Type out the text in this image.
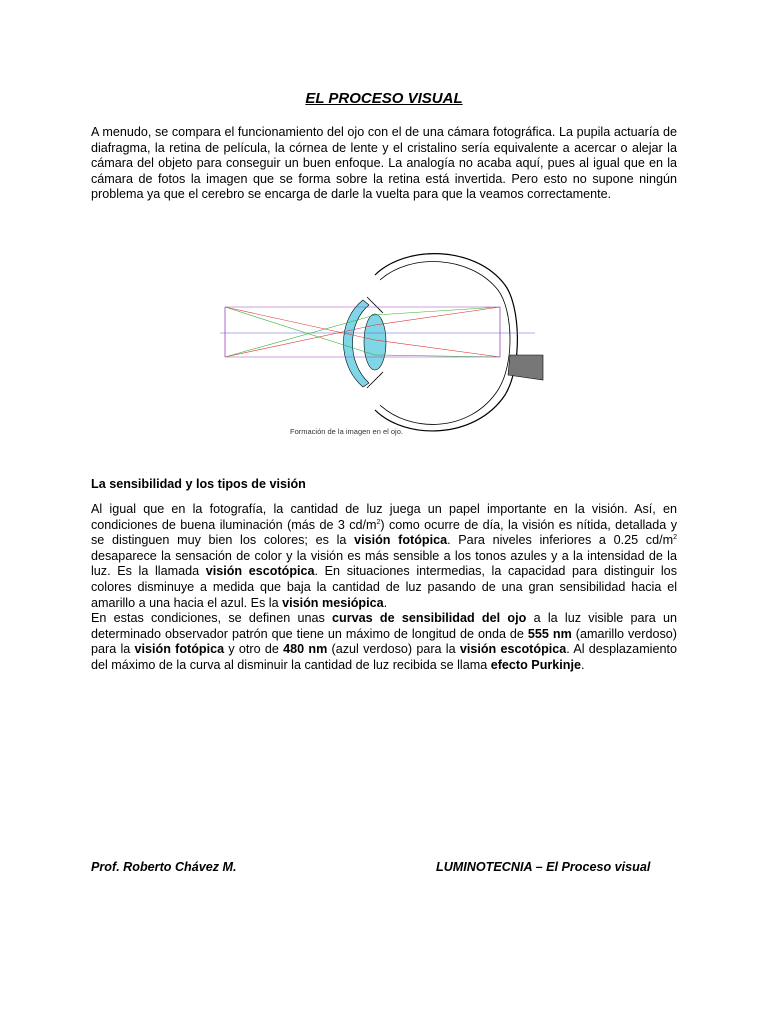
EL PROCESO VISUAL
A menudo, se compara el funcionamiento del ojo con el de una cámara fotográfica. La pupila actuaría de diafragma, la retina de película, la córnea de lente y el cristalino sería equivalente a acercar o alejar la cámara del objeto para conseguir un buen enfoque. La analogía no acaba aquí, pues al igual que en la cámara de fotos la imagen que se forma sobre la retina está invertida. Pero esto no supone ningún problema ya que el cerebro se encarga de darle la vuelta para que la veamos correctamente.
Formación de la imagen en el ojo.
La sensibilidad y los tipos de visión
Al igual que en la fotografía, la cantidad de luz juega un papel importante en la visión. Así, en condiciones de buena iluminación (más de 3 $cd/m^2$) como ocurre de día, la visión es nítida, detallada y se distinguen muy bien los colores; es la visión fotópica. Para niveles inferiores a 0.25 $cd/m^2$ desaparece la sensación de color y la visión es más sensible a los tonos azules y a la intensidad de la luz. Es la llamada visión escotópica. En situaciones intermedias, la capacidad para distinguir los colores disminuye a medida que baja la cantidad de luz pasando de una gran sensibilidad hacia el amarillo a una hacia el azul. Es la visión mesiópica.
En estas condiciones, se definen unas curvas de sensibilidad del ojo a la luz visible para un determinado observador patrón que tiene un máximo de longitud de onda de 555 nm (amarillo verdoso) para la visión fotópica y otro de 480 nm (azul verdoso) para la visión escotópica. Al desplazamiento del máximo de la curva al disminuir la cantidad de luz recibida se llama efecto Purkinje.
Prof. Roberto Chávez M.	LUMINOTECNIA – El Proceso visual
